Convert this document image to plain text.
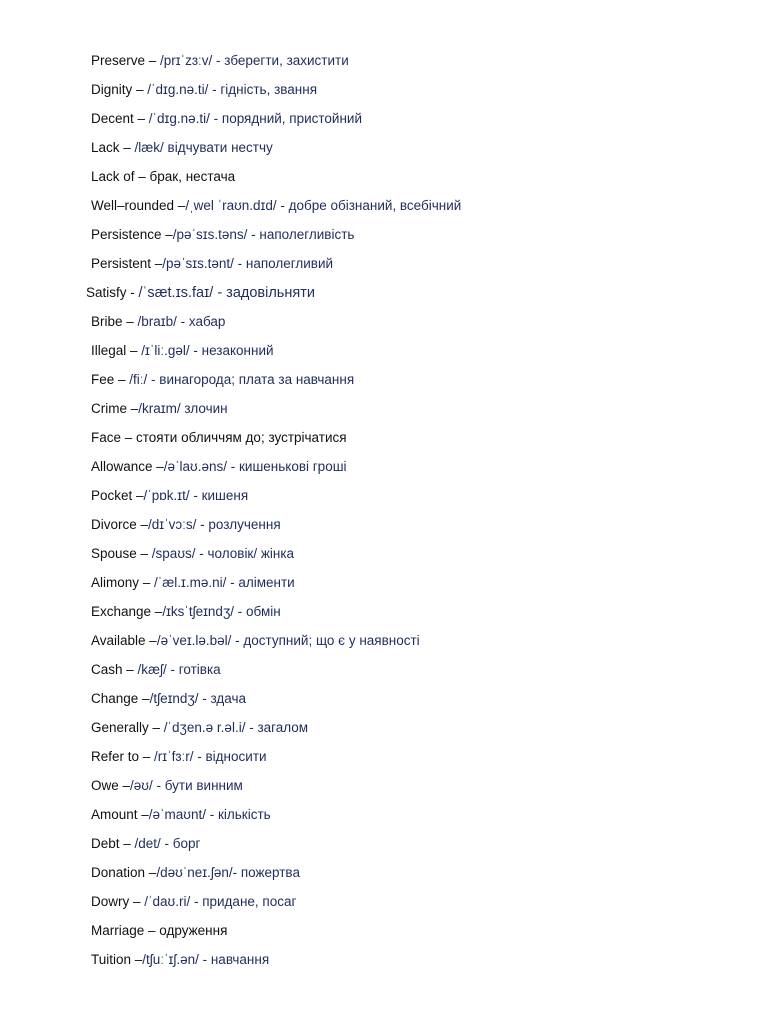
Preserve – /prɪˈzɜːv/ - зберегти, захистити
Dignity – /ˈdɪg.nə.ti/ - гідність, звання
Decent – /ˈdɪg.nə.ti/ - порядний, пристойний
Lack – /læk/ відчувати нестчу
Lack of – брак, нестача
Well–rounded –/ˌwel ˈraʊn.dɪd/ - добре обізнаний, всебічний
Persistence –/pəˈsɪs.təns/ - наполегливість
Persistent –/pəˈsɪs.tənt/ - наполегливий
Satisfy - /ˈsæt.ɪs.faɪ/ - задовільняти
Bribe – /braɪb/ - хабар
Illegal – /ɪˈliː.ɡəl/ - незаконний
Fee – /fiː/ - винагорода; плата за навчання
Crime –/kraɪm/ злочин
Face – стояти обличчям до; зустрічатися
Allowance –/əˈlaʊ.əns/ - кишенькові гроші
Pocket –/ˈpɒk.ɪt/ - кишеня
Divorce –/dɪˈvɔːs/ - розлучення
Spouse – /spaʊs/ - чоловік/ жінка
Alimony – /ˈæl.ɪ.mə.ni/ - аліменти
Exchange –/ɪksˈtʃeɪndʒ/ - обмін
Available –/əˈveɪ.lə.bəl/ - доступний; що є у наявності
Cash – /kæʃ/ - готівка
Change –/tʃeɪndʒ/ - здача
Generally – /ˈdʒen.ə r.əl.i/ - загалом
Refer to – /rɪˈfɜːr/ - відносити
Owe –/əʊ/ - бути винним
Amount –/əˈmaʊnt/ - кількість
Debt – /det/ - борг
Donation –/dəʊˈneɪ.ʃən/- пожертва
Dowry – /ˈdaʊ.ri/ - придане, посаг
Marriage – одруження
Tuition –/tʃuːˈɪʃ.ən/ - навчання
